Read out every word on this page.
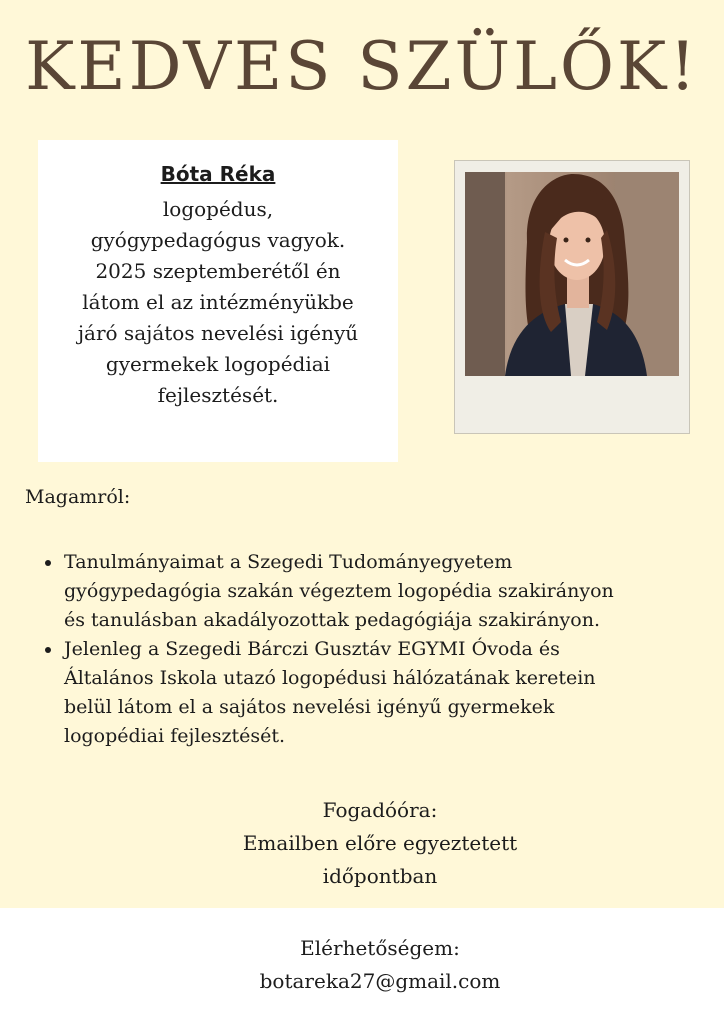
KEDVES SZÜLŐK!
Bóta Réka
logopédus,
gyógypedagógus vagyok.
2025 szeptemberétől én
látom el az intézményükbe
járó sajátos nevelési igényű
gyermekek logopédiai
fejlesztését.
Magamról:
Tanulmányaimat a Szegedi Tudományegyetem
gyógypedagógia szakán végeztem logopédia szakirányon
és tanulásban akadályozottak pedagógiája szakirányon.
Jelenleg a Szegedi Bárczi Gusztáv EGYMI Óvoda és
Általános Iskola utazó logopédusi hálózatának keretein
belül látom el a sajátos nevelési igényű gyermekek
logopédiai fejlesztését.
Fogadóóra:
Emailben előre egyeztetett
időpontban
Elérhetőségem:
botareka27@gmail.com
